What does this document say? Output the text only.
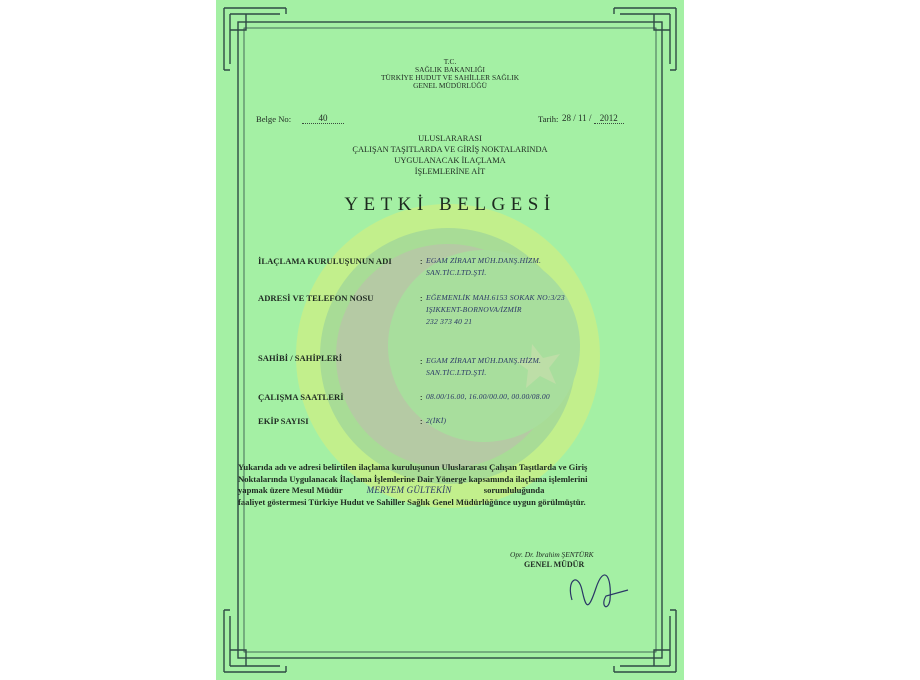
T.C.
SAĞLIK BAKANLIĞI
TÜRKİYE HUDUT VE SAHİLLER SAĞLIK
GENEL MÜDÜRLÜĞÜ
Belge No:	40	Tarih: 28 / 11 / 2012
ULUSLARARASI
ÇALIŞAN TAŞITLARDA VE GİRİŞ NOKTALARINDA
UYGULANACAK İLAÇLAMA
İŞLEMLERİNE AİT
YETKİ BELGESİ
İLAÇLAMA KURULUŞUNUN ADI	: EGAM ZİRAAT MÜH.DANŞ.HİZM.
SAN.TİC.LTD.ŞTİ.
ADRESİ VE TELEFON NOSU	: EĞEMENLİK MAH.6153 SOKAK NO:3/23
IŞIKKENT-BORNOVA/İZMİR
232 373 40 21
SAHİBİ / SAHİPLERİ	: EGAM ZİRAAT MÜH.DANŞ.HİZM.
SAN.TİC.LTD.ŞTİ.
ÇALIŞMA SAATLERİ	: 08.00/16.00, 16.00/00.00, 00.00/08.00
EKİP SAYISI	: 2(İKİ)
Yukarıda adı ve adresi belirtilen ilaçlama kuruluşunun Uluslararası Çalışan Taşıtlarda ve Giriş
Noktalarında Uygulanacak İlaçlama İşlemlerine Dair Yönerge kapsamında ilaçlama işlemlerini
yapmak üzere Mesul Müdür	MERYEM GÜLTEKİN	sorumluluğunda
faaliyet göstermesi Türkiye Hudut ve Sahiller Sağlık Genel Müdürlüğünce uygun görülmüştür.
Opr. Dr. İbrahim ŞENTÜRK
GENEL MÜDÜR
